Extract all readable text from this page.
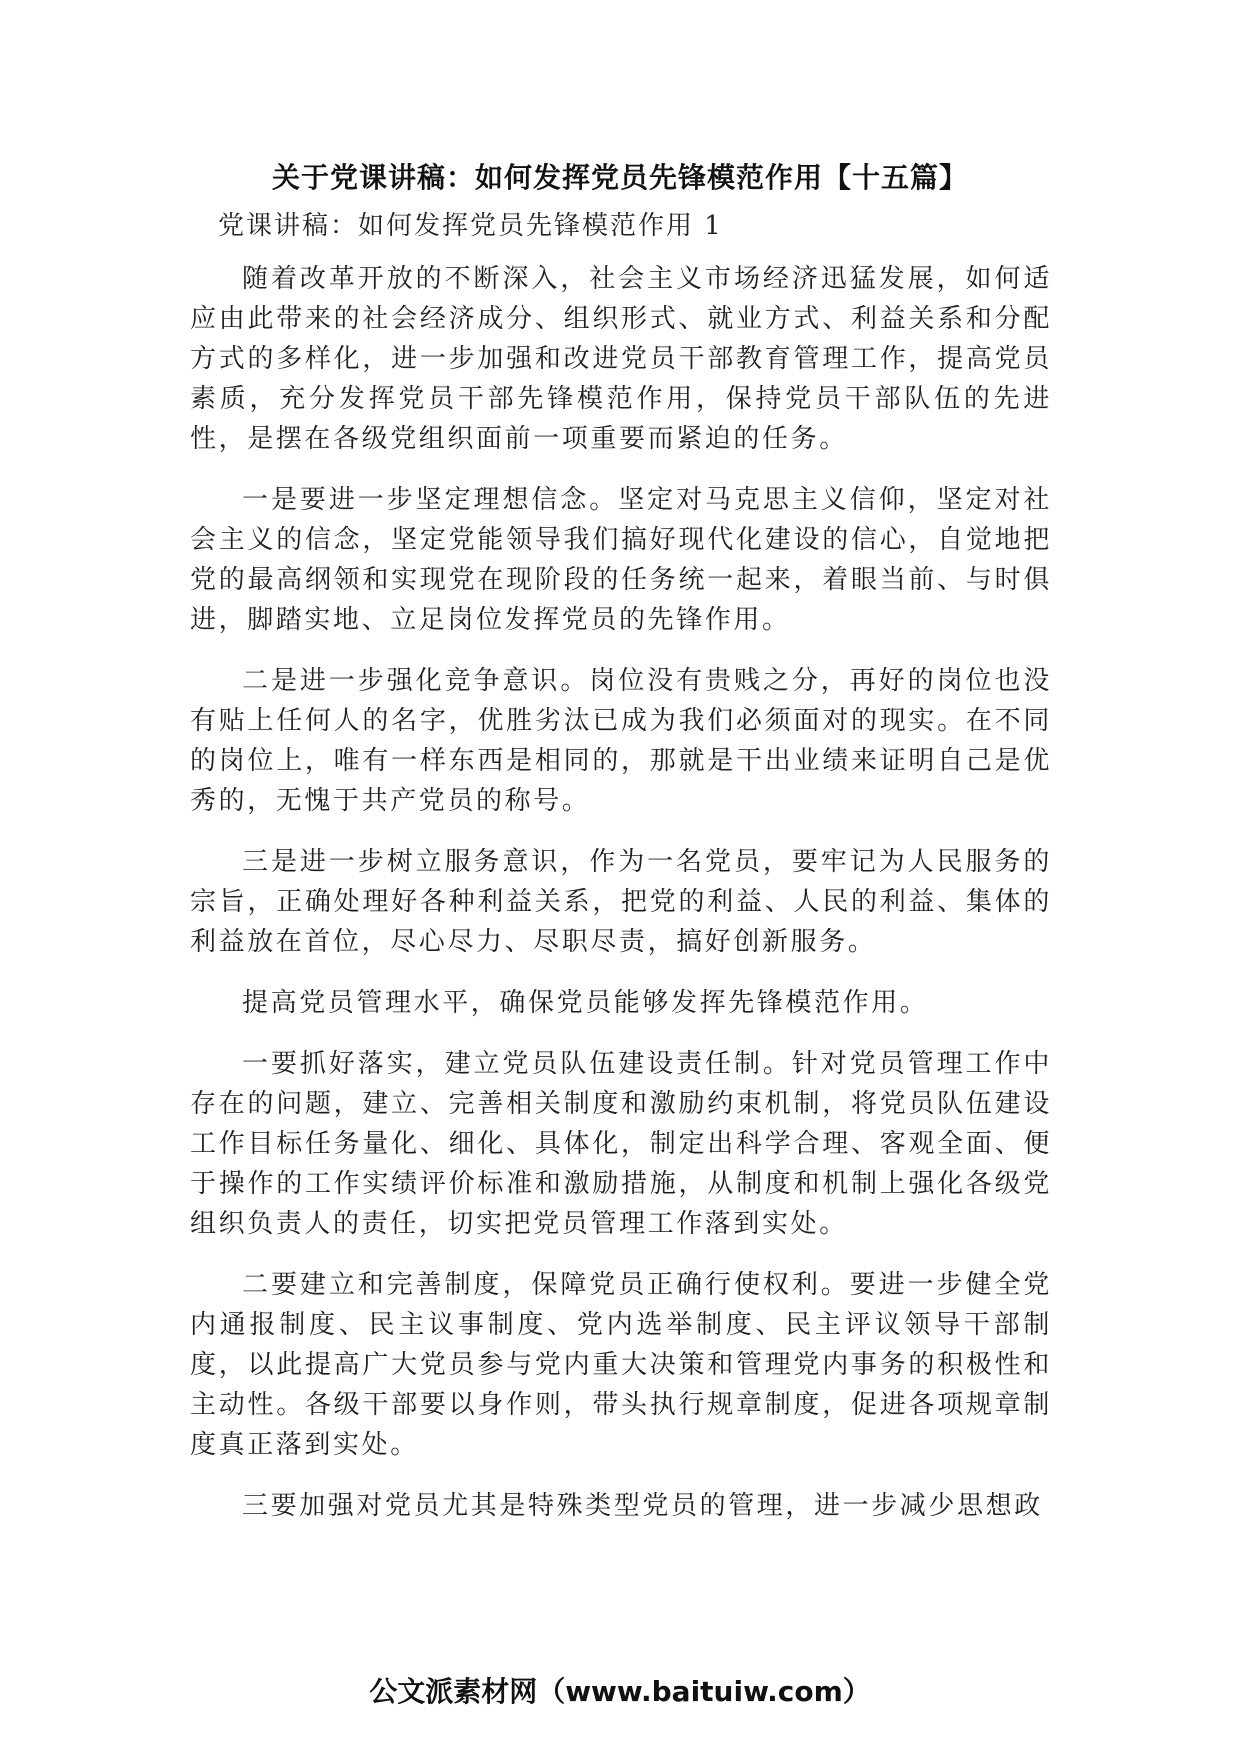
关于党课讲稿：如何发挥党员先锋模范作用【十五篇】

党课讲稿：如何发挥党员先锋模范作用 1

随着改革开放的不断深入，社会主义市场经济迅猛发展，如何适应由此带来的社会经济成分、组织形式、就业方式、利益关系和分配方式的多样化，进一步加强和改进党员干部教育管理工作，提高党员素质，充分发挥党员干部先锋模范作用，保持党员干部队伍的先进性，是摆在各级党组织面前一项重要而紧迫的任务。

一是要进一步坚定理想信念。坚定对马克思主义信仰，坚定对社会主义的信念，坚定党能领导我们搞好现代化建设的信心，自觉地把党的最高纲领和实现党在现阶段的任务统一起来，着眼当前、与时俱进，脚踏实地、立足岗位发挥党员的先锋作用。

二是进一步强化竞争意识。岗位没有贵贱之分，再好的岗位也没有贴上任何人的名字，优胜劣汰已成为我们必须面对的现实。在不同的岗位上，唯有一样东西是相同的，那就是干出业绩来证明自己是优秀的，无愧于共产党员的称号。

三是进一步树立服务意识，作为一名党员，要牢记为人民服务的宗旨，正确处理好各种利益关系，把党的利益、人民的利益、集体的利益放在首位，尽心尽力、尽职尽责，搞好创新服务。

提高党员管理水平，确保党员能够发挥先锋模范作用。

一要抓好落实，建立党员队伍建设责任制。针对党员管理工作中存在的问题，建立、完善相关制度和激励约束机制，将党员队伍建设工作目标任务量化、细化、具体化，制定出科学合理、客观全面、便于操作的工作实绩评价标准和激励措施，从制度和机制上强化各级党组织负责人的责任，切实把党员管理工作落到实处。

二要建立和完善制度，保障党员正确行使权利。要进一步健全党内通报制度、民主议事制度、党内选举制度、民主评议领导干部制度，以此提高广大党员参与党内重大决策和管理党内事务的积极性和主动性。各级干部要以身作则，带头执行规章制度，促进各项规章制度真正落到实处。

三要加强对党员尤其是特殊类型党员的管理，进一步减少思想政

公文派素材网（www.baituiw.com）
